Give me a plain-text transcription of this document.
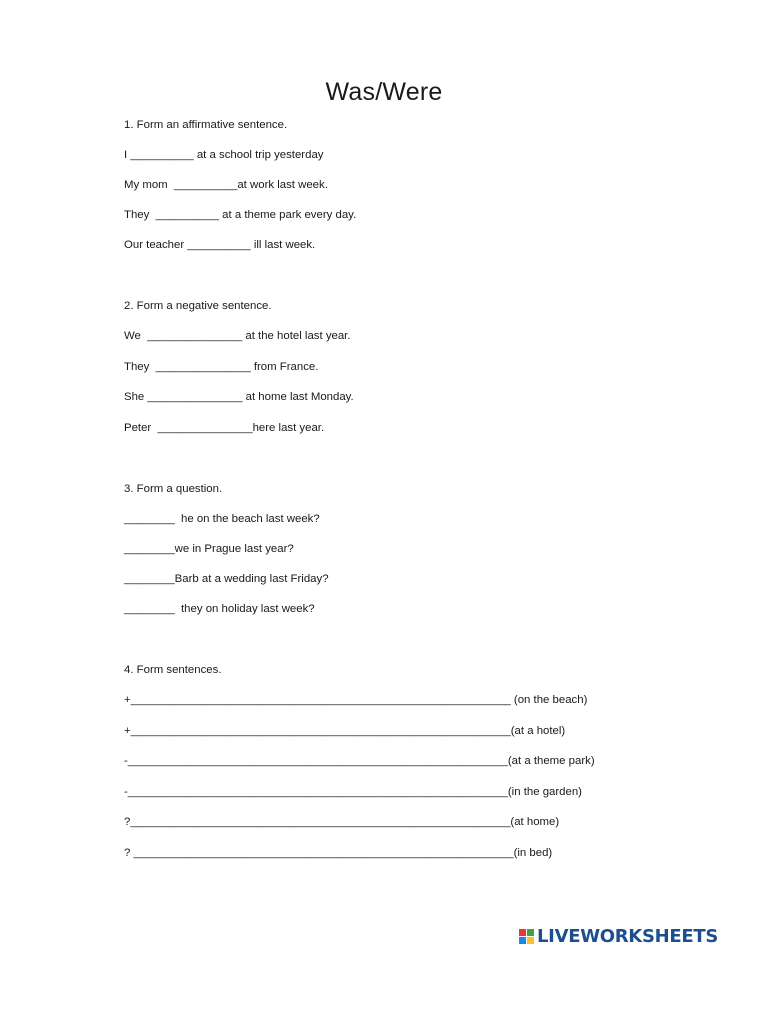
Was/Were
1. Form an affirmative sentence.
I __________ at a school trip yesterday
My mom  __________at work last week.
They  __________ at a theme park every day.
Our teacher __________ ill last week.
2. Form a negative sentence.
We  _______________ at the hotel last year.
They  _______________ from France.
She _______________ at home last Monday.
Peter  _______________here last year.
3. Form a question.
________  he on the beach last week?
________we in Prague last year?
________Barb at a wedding last Friday?
________  they on holiday last week?
4. Form sentences.
+____________________________________________________________ (on the beach)
+____________________________________________________________(at a hotel)
-____________________________________________________________(at a theme park)
-____________________________________________________________(in the garden)
?____________________________________________________________(at home)
? ____________________________________________________________(in bed)
LIVEWORKSHEETS
